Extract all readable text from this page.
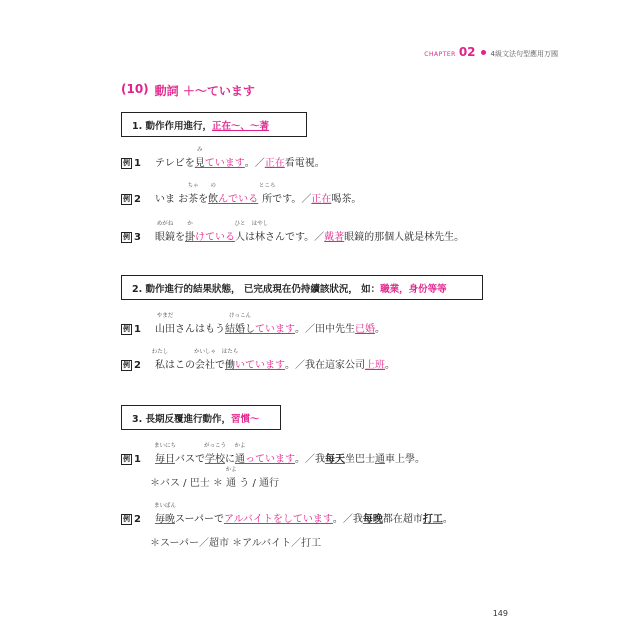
CHAPTER 02 4級文法句型應用万國
(10) 動詞 ＋〜ています
1. 動作作用進行， 正在〜、〜著
例 1 テレビを
み
見 ています 。／ 正在 看電視。
例 2 いま お
ちゃ
茶 を
の
飲 んでいる
ところ
所 です。／ 正在 喝茶。
例 3
めがね
眼鏡 を
か
掛 けている
ひと
人 は
はやし
林 さんです。／ 戴著 眼鏡的那個人就是林先生。
2. 動作進行的結果狀態， 已完成現在仍持續該狀況， 如： 職業，身份等等
例 1
やまだ
山田 さんはもう
けっこん
結婚し ています 。／田中先生 已婚 。
例 2
わたし
私 はこの
かいしゃ
会社 で
はたら
働 いています 。／我在這家公司 上班 。
3. 長期反覆進行動作， 習慣〜
例 1
まいにち
毎日 バスで
がっこう
学校 に
かよ
通 っています 。／我 每天 坐巴士 通 車上學。
＊バス / 巴士 ＊
かよ
通 う / 通行
例 2
まいばん
毎晩 スーパーで アルバイトをしています 。／我 每晚 都在超市 打工 。
＊スーパー／超市 ＊アルバイト／打工
149
